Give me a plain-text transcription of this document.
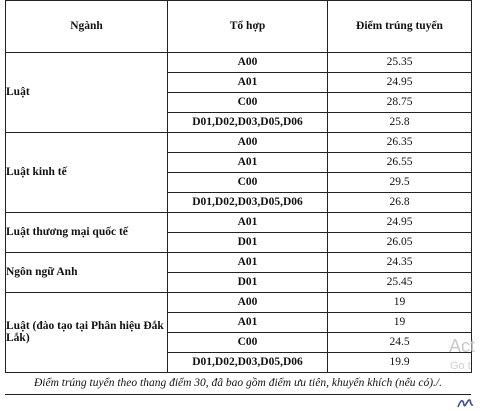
Ngành	Tổ hợp	Điểm trúng tuyển
Luật	A00	25.35
	A01	24.95
	C00	28.75
	D01,D02,D03,D05,D06	25.8
Luật kinh tế	A00	26.35
	A01	26.55
	C00	29.5
	D01,D02,D03,D05,D06	26.8
Luật thương mại quốc tế	A01	24.95
	D01	26.05
Ngôn ngữ Anh	A01	24.35
	D01	25.45
Luật (đào tạo tại Phân hiệu Đắk Lắk)	A00	19
	A01	19
	C00	24.5
	D01,D02,D03,D05,D06	19.9
Điểm trúng tuyển theo thang điểm 30, đã bao gồm điểm ưu tiên, khuyến khích (nếu có)./.
Act
Go t
